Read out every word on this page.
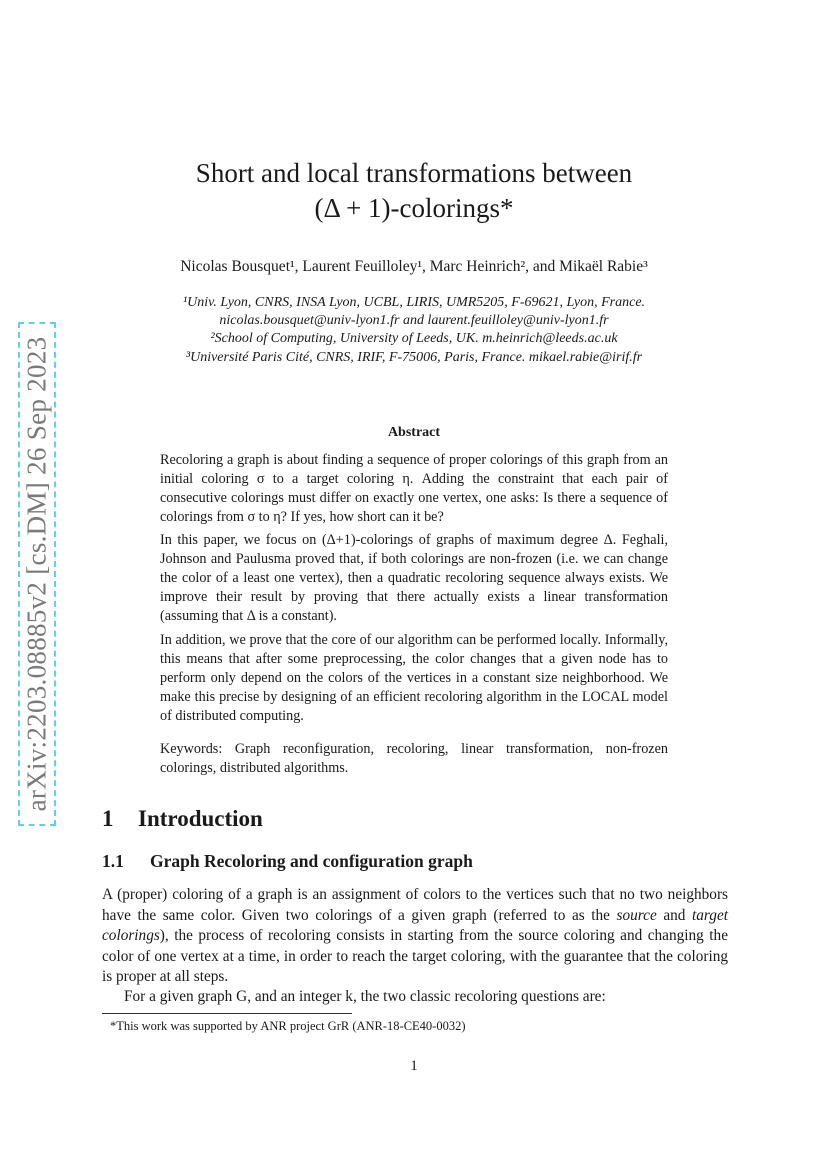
arXiv:2203.08885v2 [cs.DM] 26 Sep 2023
Short and local transformations between
(Δ + 1)-colorings*
Nicolas Bousquet¹, Laurent Feuilloley¹, Marc Heinrich², and Mikaël Rabie³
¹Univ. Lyon, CNRS, INSA Lyon, UCBL, LIRIS, UMR5205, F-69621, Lyon, France.
nicolas.bousquet@univ-lyon1.fr and laurent.feuilloley@univ-lyon1.fr
²School of Computing, University of Leeds, UK. m.heinrich@leeds.ac.uk
³Université Paris Cité, CNRS, IRIF, F-75006, Paris, France. mikael.rabie@irif.fr
Abstract
Recoloring a graph is about finding a sequence of proper colorings of this graph from an initial coloring σ to a target coloring η. Adding the constraint that each pair of consecutive colorings must differ on exactly one vertex, one asks: Is there a sequence of colorings from σ to η? If yes, how short can it be?
In this paper, we focus on (Δ+1)-colorings of graphs of maximum degree Δ. Feghali, Johnson and Paulusma proved that, if both colorings are non-frozen (i.e. we can change the color of a least one vertex), then a quadratic recoloring sequence always exists. We improve their result by proving that there actually exists a linear transformation (assuming that Δ is a constant).
In addition, we prove that the core of our algorithm can be performed locally. Informally, this means that after some preprocessing, the color changes that a given node has to perform only depend on the colors of the vertices in a constant size neighborhood. We make this precise by designing of an efficient recoloring algorithm in the LOCAL model of distributed computing.
Keywords: Graph reconfiguration, recoloring, linear transformation, non-frozen colorings, distributed algorithms.
1 Introduction
1.1 Graph Recoloring and configuration graph
A (proper) coloring of a graph is an assignment of colors to the vertices such that no two neighbors have the same color. Given two colorings of a given graph (referred to as the source and target colorings), the process of recoloring consists in starting from the source coloring and changing the color of one vertex at a time, in order to reach the target coloring, with the guarantee that the coloring is proper at all steps.
For a given graph G, and an integer k, the two classic recoloring questions are:
*This work was supported by ANR project GrR (ANR-18-CE40-0032)
1
